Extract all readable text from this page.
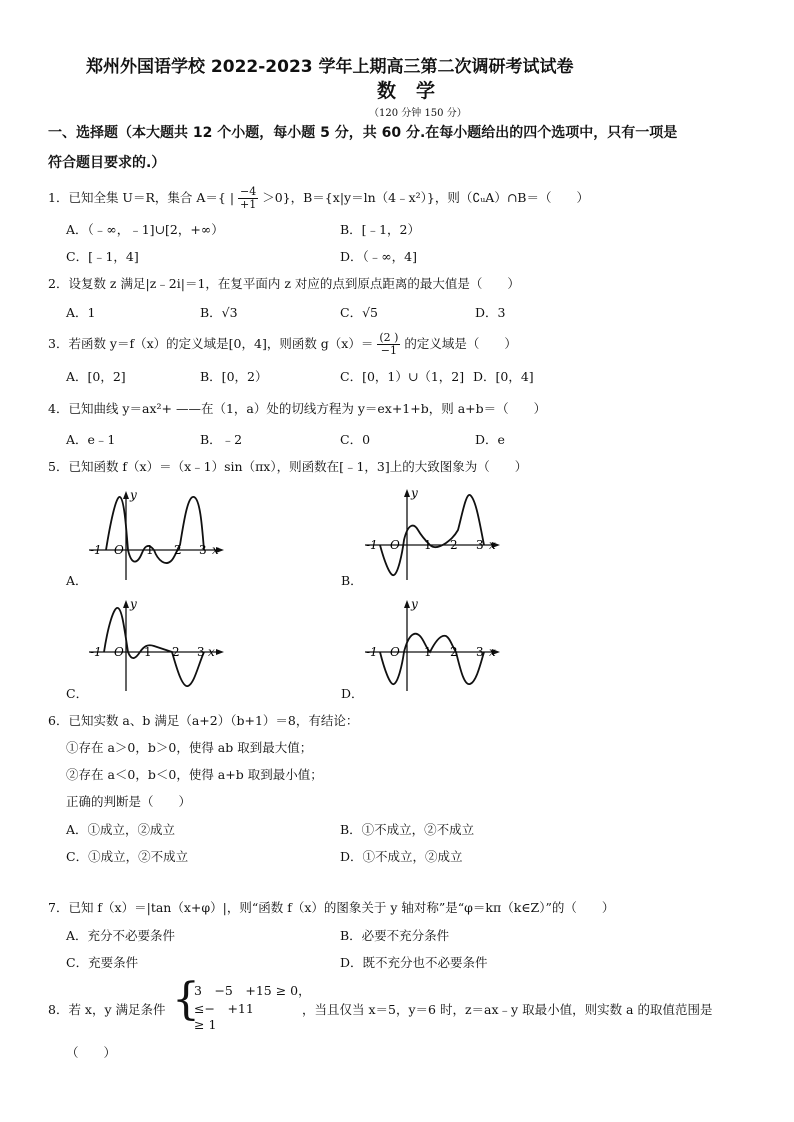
郑州外国语学校 2022-2023 学年上期高三第二次调研考试试卷
数学
（120 分钟 150 分）
一、选择题（本大题共 12 个小题，每小题 5 分，共 60 分.在每小题给出的四个选项中，只有一项是
符合题目要求的.）
1．已知全集 U＝R，集合 A＝{ | $\frac{-4}{+1} >0$}，B＝{x|y＝ln（4﹣x²）}，则（∁ᵤA）∩B＝（　　）
A．（﹣∞，﹣1]∪[2，+∞）	B．[﹣1，2）
C．[﹣1，4]	D．（﹣∞，4]
2．设复数 z 满足|z﹣2i|＝1，在复平面内 z 对应的点到原点距离的最大值是（　　）
A．1	B．√3	C．√5	D．3
3．若函数 y＝f（x）的定义域是[0，4]，则函数 $g(x)= \frac{(2 )}{-1}$ 的定义域是（　　）
A．[0，2]	B．[0，2）	C．[0，1）∪（1，2] D．[0，4]
4．已知曲线 y＝ax²+ ——在（1，a）处的切线方程为 y＝ex+1+b，则 a+b＝（　　）
A．e﹣1	B．﹣2	C．0	D．e
5．已知函数 f（x）＝（x﹣1）sin（πx），则函数在[﹣1，3]上的大致图象为（　　）
-1 O 1 2 3 x
y
A．
-1 O 1 2 3 x
y
B．
-1 O 1 2 3 x
y
C．
-1 O 1 2 3 x
y
D．
6．已知实数 a、b 满足（a+2）（b+1）＝8，有结论：
①存在 a＞0，b＞0，使得 ab 取到最大值；
②存在 a＜0，b＜0，使得 a+b 取到最小值；
正确的判断是（　　）
A．①成立，②成立	B．①不成立，②不成立
C．①成立，②不成立	D．①不成立，②成立
7．已知 f（x）＝|tan（x+φ）|，则“函数 f（x）的图象关于 y 轴对称”是“φ＝kπ（k∈Z）”的（　　）
A．充分不必要条件	B．必要不充分条件
C．充要条件	D．既不充分也不必要条件
8．若 x，y 满足条件 {
3　−5　+15 ≥ 0，
≤−　+11
≥ 1
，当且仅当 x＝5，y＝6 时，z＝ax﹣y 取最小值，则实数 a 的取值范围是
（　　）
